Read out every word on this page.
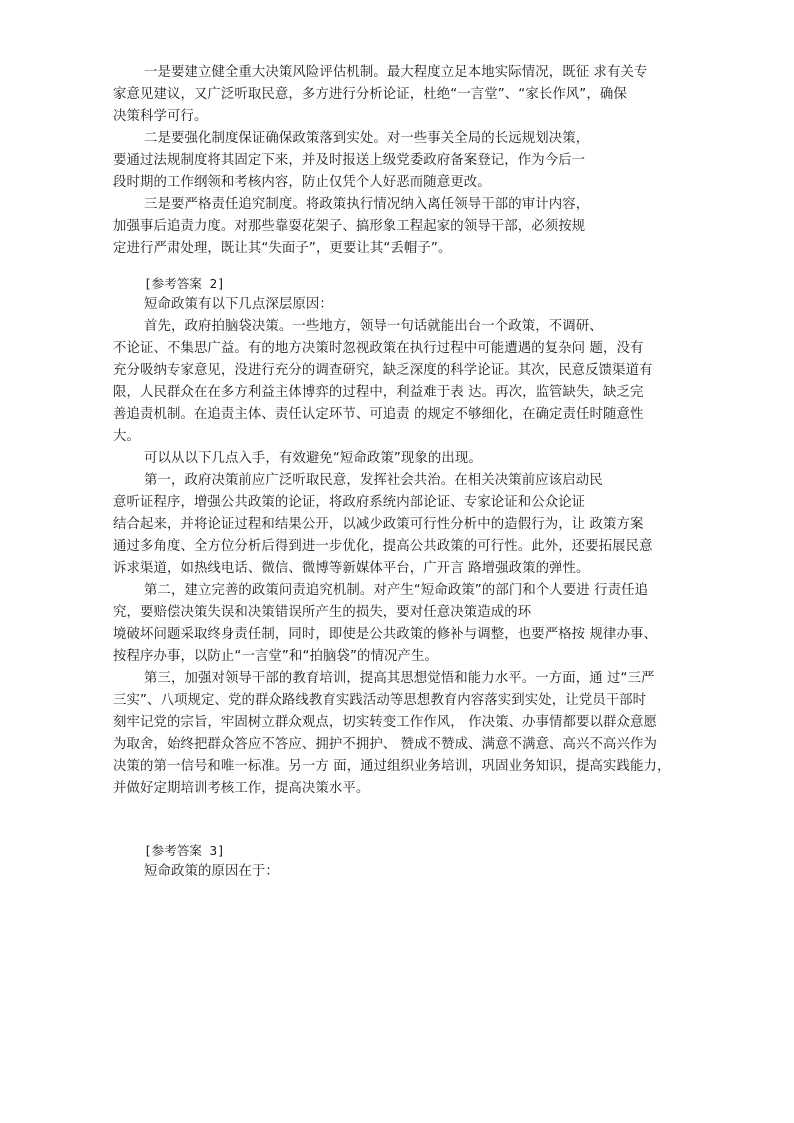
一是要建立健全重大决策风险评估机制。最大程度立足本地实际情况，既征 求有关专
家意见建议，又广泛听取民意，多方进行分析论证，杜绝“一言堂”、“家长作风”，确保
决策科学可行。
二是要强化制度保证确保政策落到实处。对一些事关全局的长远规划决策，
要通过法规制度将其固定下来，并及时报送上级党委政府备案登记，作为今后一
段时期的工作纲领和考核内容，防止仅凭个人好恶而随意更改。
三是要严格责任追究制度。将政策执行情况纳入离任领导干部的审计内容，
加强事后追责力度。对那些靠耍花架子、搞形象工程起家的领导干部，必须按规
定进行严肃处理，既让其“失面子”，更要让其“丢帽子”。
[参考答案 2]
短命政策有以下几点深层原因：
首先，政府拍脑袋决策。一些地方，领导一句话就能出台一个政策，不调研、
不论证、不集思广益。有的地方决策时忽视政策在执行过程中可能遭遇的复杂问 题，没有
充分吸纳专家意见，没进行充分的调查研究，缺乏深度的科学论证。其次，民意反馈渠道有
限，人民群众在在多方利益主体博弈的过程中，利益难于表 达。再次，监管缺失，缺乏完
善追责机制。在追责主体、责任认定环节、可追责 的规定不够细化，在确定责任时随意性
大。
可以从以下几点入手，有效避免“短命政策”现象的出现。
第一，政府决策前应广泛听取民意，发挥社会共治。在相关决策前应该启动民
意听证程序，增强公共政策的论证，将政府系统内部论证、专家论证和公众论证
结合起来，并将论证过程和结果公开，以减少政策可行性分析中的造假行为，让 政策方案
通过多角度、全方位分析后得到进一步优化，提高公共政策的可行性。此外，还要拓展民意
诉求渠道，如热线电话、微信、微博等新媒体平台，广开言 路增强政策的弹性。
第二，建立完善的政策问责追究机制。对产生“短命政策”的部门和个人要进 行责任追
究，要赔偿决策失误和决策错误所产生的损失，要对任意决策造成的环
境破坏问题采取终身责任制，同时，即使是公共政策的修补与调整，也要严格按 规律办事、
按程序办事，以防止“一言堂”和“拍脑袋”的情况产生。
第三，加强对领导干部的教育培训，提高其思想觉悟和能力水平。一方面，通 过“三严
三实”、八项规定、党的群众路线教育实践活动等思想教育内容落实到实处，让党员干部时
刻牢记党的宗旨，牢固树立群众观点，切实转变工作作风， 作决策、办事情都要以群众意愿
为取舍，始终把群众答应不答应、拥护不拥护、 赞成不赞成、满意不满意、高兴不高兴作为
决策的第一信号和唯一标准。另一方 面，通过组织业务培训，巩固业务知识，提高实践能力，
并做好定期培训考核工作，提高决策水平。
[参考答案 3]
短命政策的原因在于：
